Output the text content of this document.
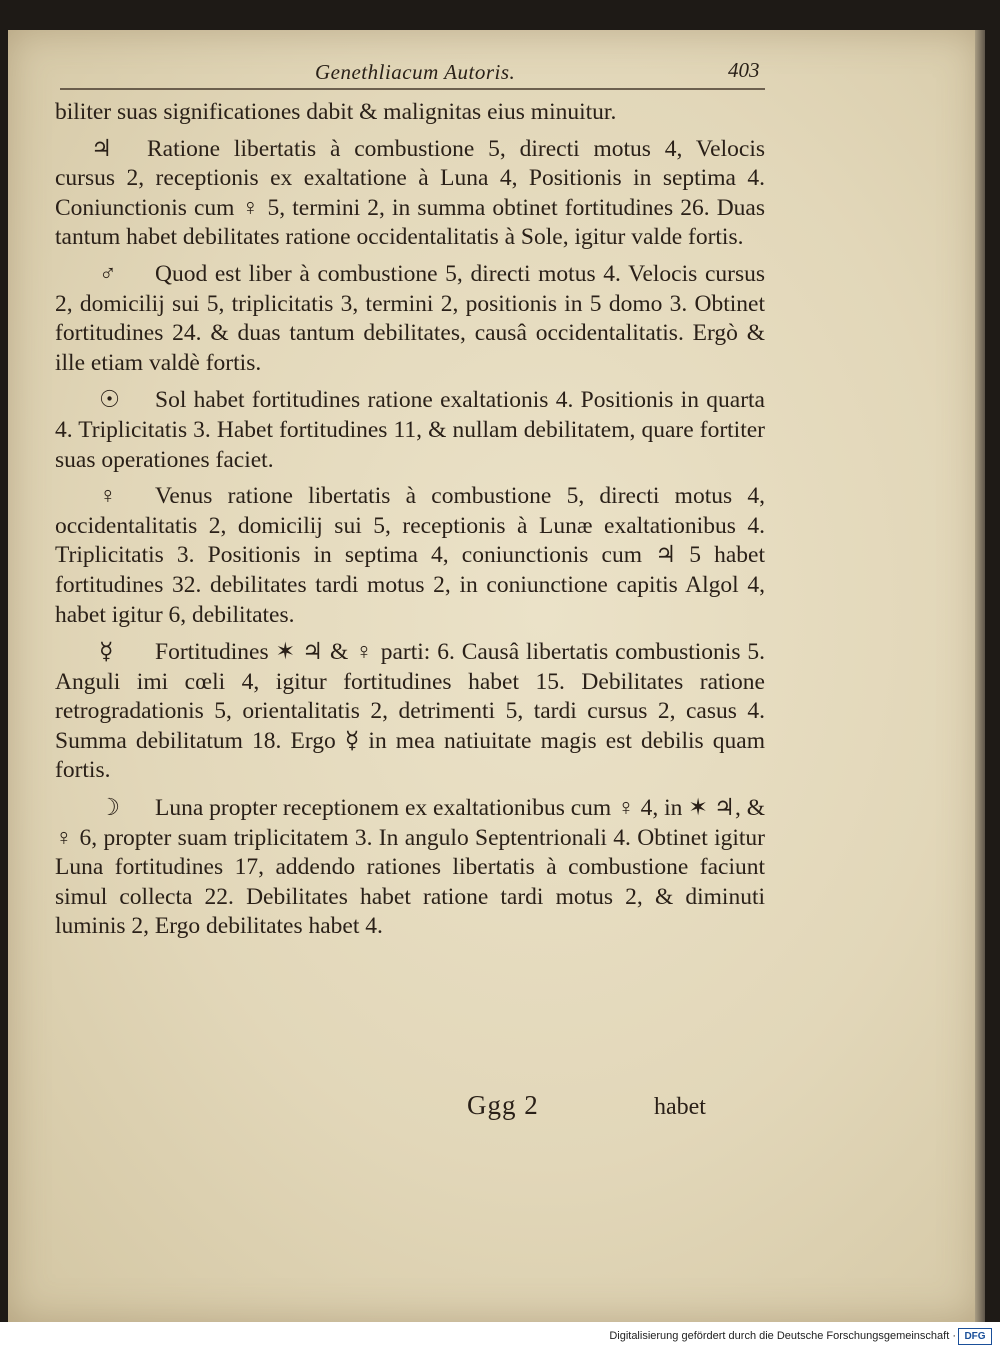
Genethliacum Autoris.	403

biliter suas significationes dabit & malignitas eius minuitur.

♃ Ratione libertatis à combustione 5, directi motus 4, Velocis cursus 2, receptionis ex exaltatione à Luna 4, Positionis in septima 4. Coniunctionis cum ♀ 5, termini 2, in summa obtinet fortitudines 26. Duas tantum habet debilitates ratione occidentalitatis à Sole, igitur valde fortis.

♂ Quod est liber à combustione 5, directi motus 4. Velocis cursus 2, domicilij sui 5, triplicitatis 3, termini 2, positionis in 5 domo 3. Obtinet fortitudines 24. & duas tantum debilitates, causâ occidentalitatis. Ergò & ille etiam valdè fortis.

☉ Sol habet fortitudines ratione exaltationis 4. Positionis in quarta 4. Triplicitatis 3. Habet fortitudines 11, & nullam debilitatem, quare fortiter suas operationes faciet.

♀ Venus ratione libertatis à combustione 5, directi motus 4, occidentalitatis 2, domicilij sui 5, receptionis à Lunæ exaltationibus 4. Triplicitatis 3. Positionis in septima 4, coniunctionis cum ♃ 5 habet fortitudines 32. debilitates tardi motus 2, in coniunctione capitis Algol 4, habet igitur 6, debilitates.

☿ Fortitudines ✶ ♃ & ♀ parti: 6. Causâ libertatis combustionis 5. Anguli imi cœli 4, igitur fortitudines habet 15. Debilitates ratione retrogradationis 5, orientalitatis 2, detrimenti 5, tardi cursus 2, casus 4. Summa debilitatum 18. Ergo ☿ in mea natiuitate magis est debilis quam fortis.

☽ Luna propter receptionem ex exaltationibus cum ♀ 4, in ✶ ♃, & ♀ 6, propter suam triplicitatem 3. In angulo Septentrionali 4. Obtinet igitur Luna fortitudines 17, addendo rationes libertatis à combustione faciunt simul collecta 22. Debilitates habet ratione tardi motus 2, & diminuti luminis 2, Ergo debilitates habet 4.

Ggg 2	habet
Digitalisierung gefördert durch die Deutsche Forschungsgemeinschaft · DFG
